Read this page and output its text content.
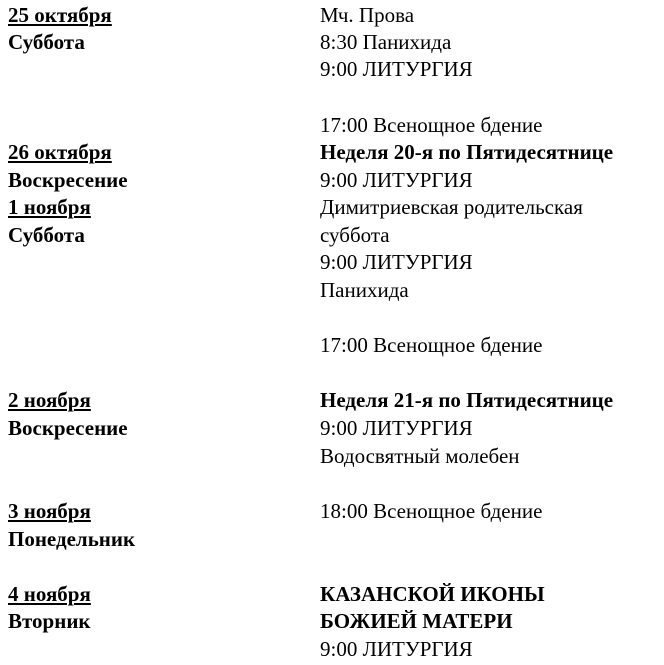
25 октября
Суббота
Мч. Прова
8:30 Панихида
9:00 ЛИТУРГИЯ
17:00 Всенощное бдение
26 октября
Воскресение
Неделя 20-я по Пятидесятнице
9:00 ЛИТУРГИЯ
1 ноября
Суббота
Димитриевская родительская
суббота
9:00 ЛИТУРГИЯ
Панихида
17:00 Всенощное бдение
2 ноября
Воскресение
Неделя 21-я по Пятидесятнице
9:00 ЛИТУРГИЯ
Водосвятный молебен
3 ноября
Понедельник
18:00 Всенощное бдение
4 ноября
Вторник
КАЗАНСКОЙ ИКОНЫ
БОЖИЕЙ МАТЕРИ
9:00 ЛИТУРГИЯ
